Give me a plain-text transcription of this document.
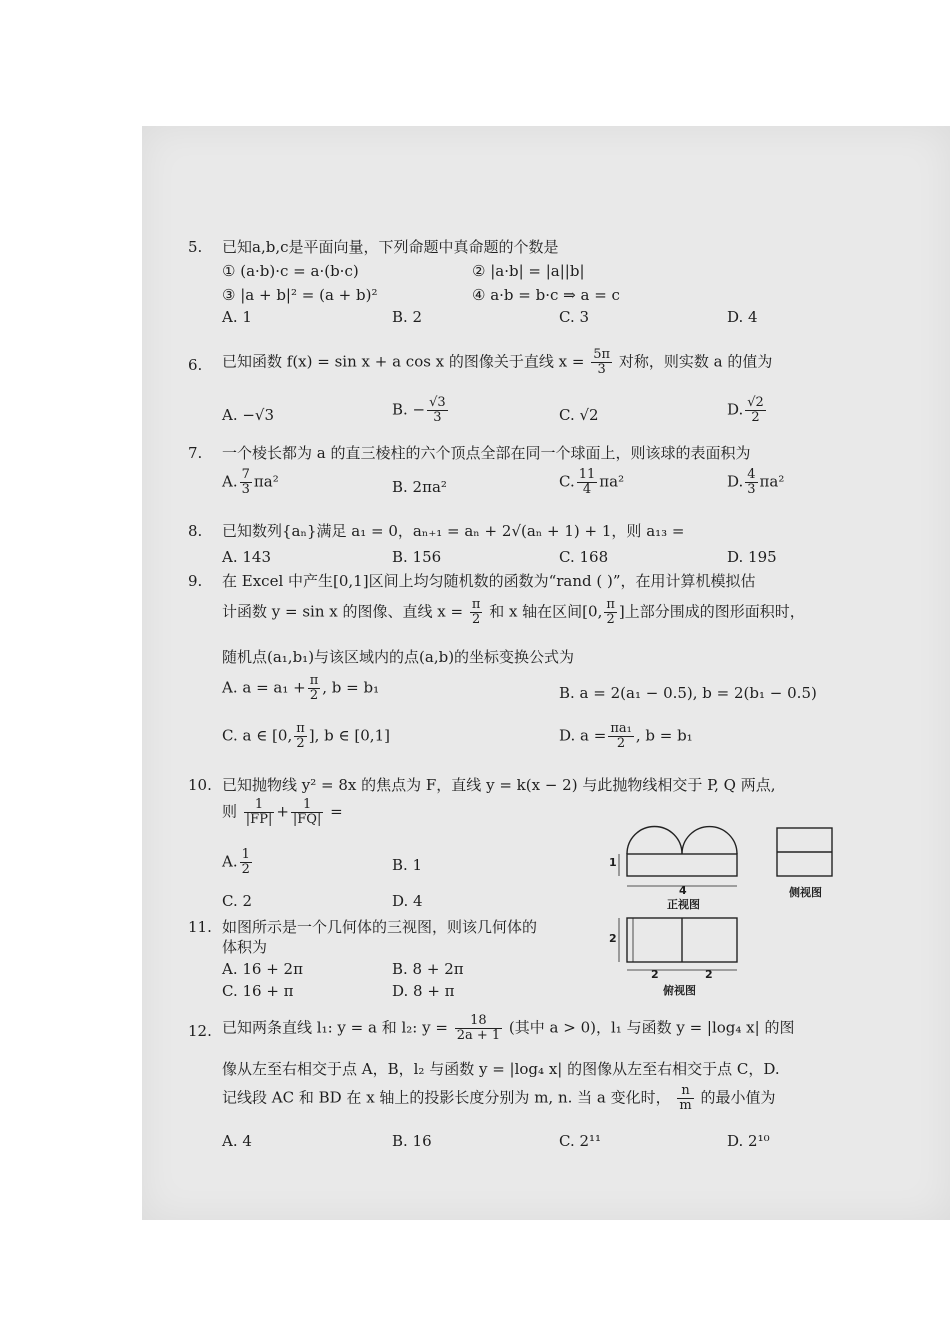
5.	已知a,b,c是平面向量，下列命题中真命题的个数是
① (a·b)·c = a·(b·c)	② |a·b| = |a||b|
③ |a + b|² = (a + b)²	④ a·b = b·c ⇒ a = c
A. 1	B. 2	C. 3	D. 4
6.	已知函数 f(x) = sin x + a cos x 的图像关于直线 $x = \frac{5\pi}{3}$ 对称，则实数 a 的值为
A. −√3	B. − $\frac{√3}{3}$	C. √2	D. $\frac{√2}{2}$
7.	一个棱长都为 a 的直三棱柱的六个顶点全部在同一个球面上，则该球的表面积为
A. $\frac{7}{3} \pi a^2$	B. 2πa²	C. $\frac{11}{4} \pi a^2$	D. $\frac{4}{3} \pi a^2$
8.	已知数列{aₙ}满足 a₁ = 0，aₙ₊₁ = aₙ + 2√(aₙ + 1) + 1，则 a₁₃ =
A. 143	B. 156	C. 168	D. 195
9.	在 Excel 中产生[0,1]区间上均匀随机数的函数为“rand ( )”，在用计算机模拟估
计函数 y = sin x 的图像、直线 $x = \frac{\pi}{2}$ 和 x 轴在区间[0, $\frac{\pi}{2}$ ]上部分围成的图形面积时，
随机点(a₁,b₁)与该区域内的点(a,b)的坐标变换公式为
A. $a = a_1 + \frac{\pi}{2}$ , b = b₁	B. a = 2(a₁ − 0.5), b = 2(b₁ − 0.5)
C. a ∈ [0, $\frac{\pi}{2}$ ], b ∈ [0,1]	D. $a = \frac{\text{πa₁}}{2}$ , b = b₁
10. 已知抛物线 y² = 8x 的焦点为 F，直线 y = k(x − 2) 与此抛物线相交于 P, Q 两点,
则 $\frac{1}{|FP|} + \frac{1}{|FQ|}$ =
A. $\frac{1}{2}$	B. 1
C. 2	D. 4
11. 如图所示是一个几何体的三视图，则该几何体的
体积为
A. 16 + 2π	B. 8 + 2π
C. 16 + π	D. 8 + π
1
4
2
2	2
正视图
侧视图
俯视图
12. 已知两条直线 l₁: y = a 和 l₂: $y = \frac{18}{2a + 1}$ (其中 a > 0)，l₁ 与函数 y = |log₄ x| 的图
像从左至右相交于点 A，B，l₂ 与函数 y = |log₄ x| 的图像从左至右相交于点 C，D.
记线段 AC 和 BD 在 x 轴上的投影长度分别为 m, n. 当 a 变化时， $\frac{n}{m}$ 的最小值为
A. 4	B. 16	C. 2¹¹	D. 2¹⁰
